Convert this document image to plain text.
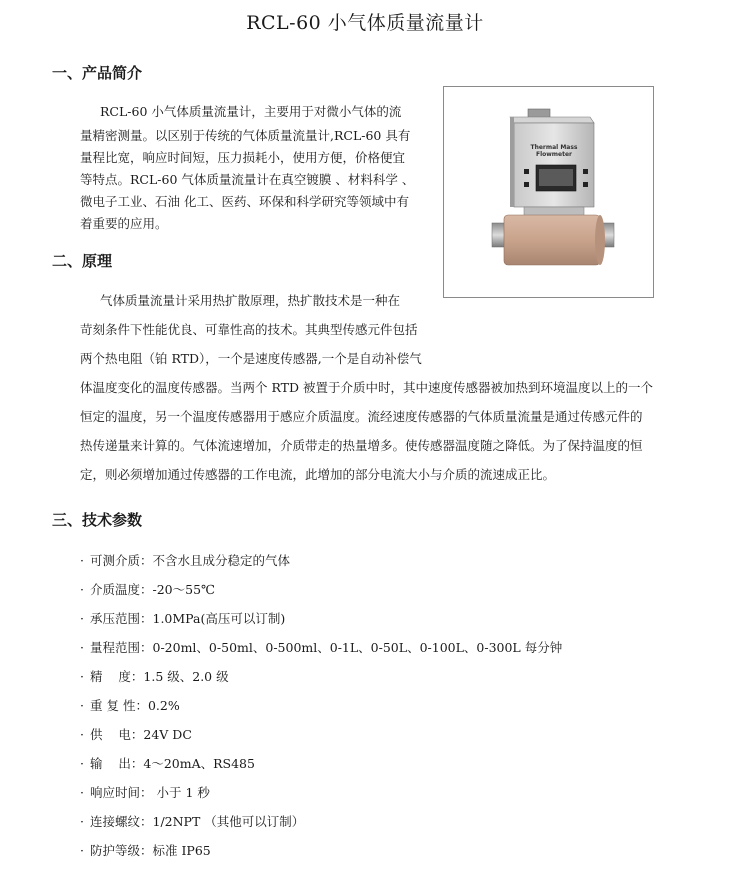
RCL-60 小气体质量流量计
一、产品简介
RCL-60 小气体质量流量计，主要用于对微小气体的流
量精密测量。以区别于传统的气体质量流量计,RCL-60 具有
量程比宽，响应时间短，压力损耗小，使用方便，价格便宜
等特点。RCL-60 气体质量流量计在真空镀膜 、材料科学 、
微电子工业、石油 化工、医药、环保和科学研究等领域中有
着重要的应用。
Thermal Mass
Flowmeter
二、原理
气体质量流量计采用热扩散原理，热扩散技术是一种在
苛刻条件下性能优良、可靠性高的技术。其典型传感元件包括
两个热电阻（铂 RTD），一个是速度传感器,一个是自动补偿气
体温度变化的温度传感器。当两个 RTD 被置于介质中时，其中速度传感器被加热到环境温度以上的一个
恒定的温度，另一个温度传感器用于感应介质温度。流经速度传感器的气体质量流量是通过传感元件的
热传递量来计算的。气体流速增加，介质带走的热量增多。使传感器温度随之降低。为了保持温度的恒
定，则必须增加通过传感器的工作电流，此增加的部分电流大小与介质的流速成正比。
三、技术参数
· 可测介质：不含水且成分稳定的气体
· 介质温度：-20～55℃
· 承压范围：1.0MPa(高压可以订制)
· 量程范围：0-20ml、0-50ml、0-500ml、0-1L、0-50L、0-100L、0-300L 每分钟
· 精    度：1.5 级、2.0 级
· 重 复 性：0.2%
· 供    电：24V DC
· 输    出：4～20mA、RS485
· 响应时间： 小于 1 秒
· 连接螺纹：1/2NPT （其他可以订制）
· 防护等级：标准 IP65
